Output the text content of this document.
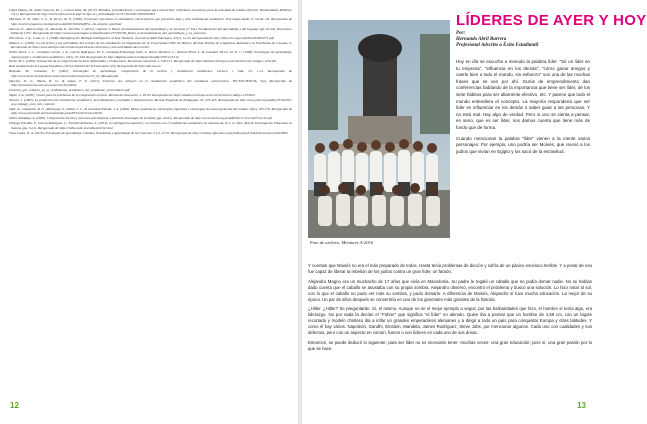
López Mejías, M., Nuttz Gaserra, M., y Cuenca Díaz, M. (2015). Métodos, procedimientos y estrategias para memorizar: reflexiones necesarias para la actividad de estudio eficiente. Humanidades Médicas, 15(1). Recuperado de http://scielo.sld.cu/scielo.php?script=sci_arttext&pid=S1727-81202015000100004

Martínez, E. B., Nath, S. L., & Torres, M. N. (2006). Funciones ejecutivas en estudiantes universitarios que presentan bajo y alto rendimiento académico. Psicología desde el Caribe, 18. Recuperado de http://search.proquest.com/openview/4ab90e7d20e9ef0f5e...3a-origsite=gscholar

Marron, E., Adorno-Dufy, D., Miranda, E., Parrilla, J. (2012). Capítulo 2: Bases neuroanatómicas del aprendizaje y la memoria (1ª Ed.). Fundamentos del aprendizaje y del lenguaje (pp. 63-94). Barcelona: Editorial UOC. Recuperado de https://www.researchgate.net/publication/277205199_Bases_neuroanatomicas_del_aprendizaje_y_la_memoria

McCollum, J. A., Conti, G. J. (2008). Identifying the Multiple Intelligences of Your Students. Journal of Adult Education, 37(1), 12-22. Recuperado de http://files.eric.ed.gov/fulltext/EJ891071.pdf

Mónica, L. (2009). La estructura y las actividades del cerebro de los estudiantes no hispanistas de la Universidad UNIV de México. Revista Nebrija de Lingüística Aplicada a la Enseñanza de Lenguas, 6. Recuperado de http://www.nebrija.com/revista-linguistica/la-estructura-y-las-actividades-del-cerebro

Núñez Pérez, J. C., González García, J. A., García Rodríguez, M. S., González-Pumariega Solís, S., Roces Montero, C., Álvarez Pérez, L. & González Torres, M. D. C. (1998). Estrategias de aprendizaje, autoconcepto y rendimiento académico. 10(1), 97-109. Recuperado de http://digibuo.uniovi.es/dspace/handle/10651/25144

Pérez, M. J. (2000). Evaluación de la comprensión lectora: dificultades y limitaciones. Revista de educación 1, 128-151. Recuperado de https://dialnet.unirioja.es/servlet/articulo?codigo=1232492

Real Academia de la Lengua Española. (2014). Edición del Tricentenario (23). Recuperado de http://dle.rae.es/

Rivaudo, M., González, E. (2002). Estrategias de aprendizaje, comprensión de la lectura y rendimiento académico. Lectura y vida, 23, 1-12. Recuperado de http://www.lecturayvida.fahce.unlp.edu.ar/numeros/a23n2/23_02_Rinaudo.pdf

Sánchez, D. G., Marín, B. O., & López, F. E. (2011). Factores que influyen en el rendimiento académico del estudiante universitario. TECNOCIENCIA, 5(2). Recuperado de http://tecnociencia.uach.mx/numeros/v5n2/data/

Factores_que_influyen_en_el_rendimiento_academico_del_estudiante_universitario.pdf

Tapia, J. A. (2005). Claves para la enseñanza de la comprensión lectora. Revista de educación, 1, 63-93. Recuperado de https://dialnet.unirioja.es/servlet/articulo?codigo=1233624

Tourón, J. (1985). La predicción del rendimiento académico: procedimientos, resultados e implicaciones. Revista Española de Pedagogía, 43, 473-495. Recuperado de http://www.jstor.org/stable/23764393?seq=1#page_scan_tab_contents

Valle, A., Cabanach, R. G., Rodríguez, S., Núñez, J. C., & González-Pienda, J. A. (2006). Metas académicas, estrategias cognitivas y estrategias de autorregulación del estudio, 18(2), 165-170. Recuperado de http://www.unioviedo.net/reunido/index.php/PST/article/view/8418

Vallés Arándiga, A. (2005). Comprensión lectora y procesos psicológicos. Liberabit. Psicología de la Salud, (pp. 49-61). Recuperado de http://www.scielo.org.pe/pdf/liber/v11n11/a07v11n11.pdf

Verdugo Estrada, T., García Rodríguez, L., Portillo Peñuelas, S. (2014). La inteligencia espacial y su relación con el rendimiento académico en alumnos de 10 a 12 años. Red de Investigación Educativa en Sonora, (pp. 5-21). Recuperado de https://redie.uabc.mx/redie/article/view/

Vivas López, N. A. (2010). Estrategias de aprendizaje. Cátedra, Enseñanza y Aprendizaje de las Ciencias, 3 (1), 27-37. Recuperado de http://revistas.ufps.edu.co/ojs/index.php/ICDA/article/view/2220/0850

12
LÍDERES DE AYER Y HOY
Por:
Hernando Abril Barrera
Profesional Adscrito a Éxito Estudiantil
Foto de archivo. Mentores A-2016

Hoy en día se escucha a menudo la palabra líder. "Sé un líder en tu empresa", "influencia en los demás", "cómo ganar amigos y caerle bien a todo el mundo, sin esfuerzo" son una de las muchas frases que se ven por ahí. Gurús de emprendimiento dan conferencias hablando de la importancia que tiene ser líder, de los siete hábitos para ser altamente efectivo, etc. Y parece que todo el mundo entendiera el concepto. La mayoría respondería que ser líder es influenciar en los demás o saber guiar a las personas. Y no está mal. Hay algo de verdad. Pero si uno se sienta a pensar, en serio, que es ser líder, nos damos cuenta que tiene más de fondo que de forma.

Cuando mencionan la palabra "líder" vienen a la mente varios personajes. Por ejemplo, uno podría ser Moisés, que reunió a los judíos que vivían en Egipto y los sacó de la esclavitud.

Y cuentan que Moisés no era el más preparado de todos. Hasta tenía problemas de dicción y sufría de un pánico escénico terrible. Y a pesar de eso fue capaz de liberar la rebelión de los judíos contra un gran líder, un faraón.

Alejandro Magno era un muchacho de 17 años que vivía en Macedonia. Su padre le regaló un caballo que no podía domar nadie. No se habían dado cuenta que el caballo se asustaba con su propia sombra. Alejandro observó, encontró el problema y buscó una solución. Lo hizo mirar al sol, con lo que el caballo no pudo ver más su sombra, y pudo domarlo. A diferencia de Moisés, Alejandro sí tuvo mucha educación. La mejor de su época. Un par de años después se convertiría en uno de los generales más grandes de la historia.

¿Hitler. ¿Hitler? Se preguntarán. Sí, el mismo. Aunque no se el mejor ejemplo a seguir, por las barbaridades que hizo, el hombre sí tenía algo, era liderazgo. No por nada la decían el "Führer" que significa "el líder" en alemán. Quien iba a pensar que un hombre de 1,59 cm, con un bigote recortado y modelo chistoso iba a inflar un grandes emperadores alemanes y a dirigir a todo un país para conquistar Europa y otras latitudes. Y como él hay varios: Napoleón, Gandhi, Einstein, Mandela, James Rodríguez, Steve Jobs, por mencionar algunos. Cada uno con cualidades y sus defectos, pero con un aspecto en común, fueron o son líderes en cada uno de sus áreas.

Entonces, se puede deducir lo siguiente: para ser líder no es necesario tener -muchas veces- una gran educación; pero sí, una gran pasión por lo que se hace.

13
